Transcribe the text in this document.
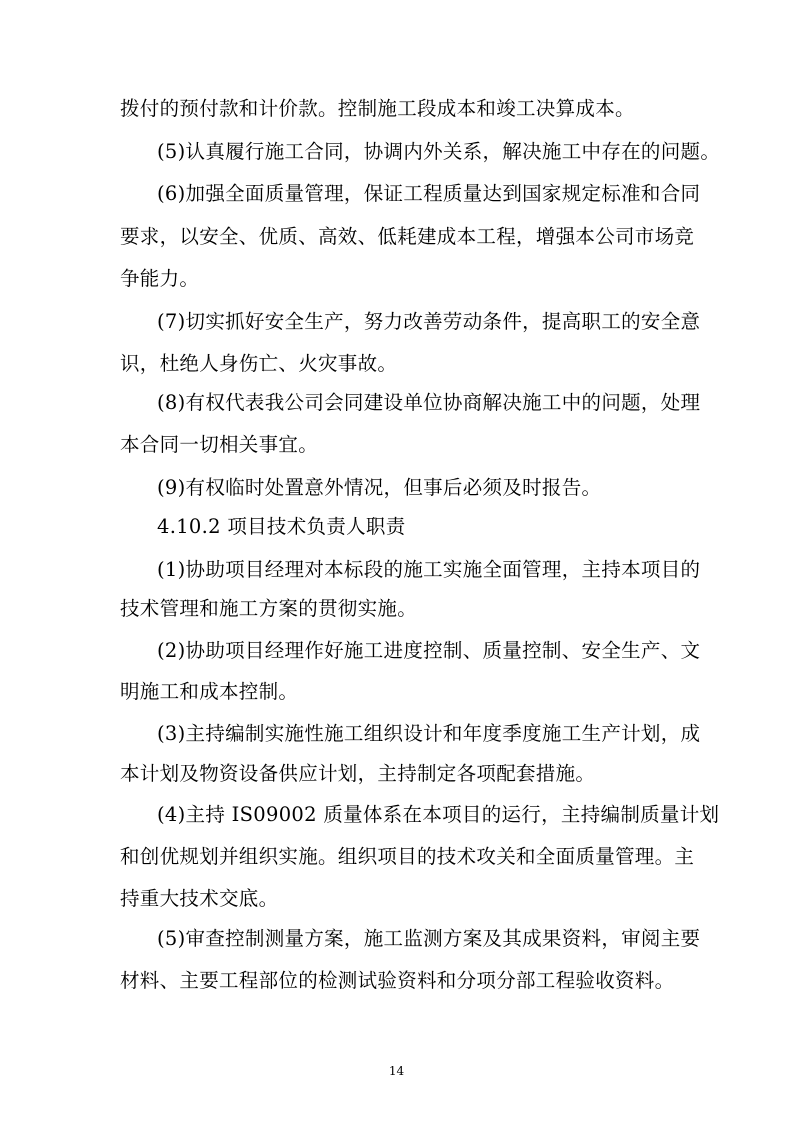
拨付的预付款和计价款。控制施工段成本和竣工决算成本。
(5)认真履行施工合同，协调内外关系，解决施工中存在的问题。
(6)加强全面质量管理，保证工程质量达到国家规定标准和合同
要求，以安全、优质、高效、低耗建成本工程，增强本公司市场竞
争能力。
(7)切实抓好安全生产，努力改善劳动条件，提高职工的安全意
识，杜绝人身伤亡、火灾事故。
(8)有权代表我公司会同建设单位协商解决施工中的问题，处理
本合同一切相关事宜。
(9)有权临时处置意外情况，但事后必须及时报告。
4.10.2 项目技术负责人职责
(1)协助项目经理对本标段的施工实施全面管理，主持本项目的
技术管理和施工方案的贯彻实施。
(2)协助项目经理作好施工进度控制、质量控制、安全生产、文
明施工和成本控制。
(3)主持编制实施性施工组织设计和年度季度施工生产计划，成
本计划及物资设备供应计划，主持制定各项配套措施。
(4)主持 IS09002 质量体系在本项目的运行，主持编制质量计划
和创优规划并组织实施。组织项目的技术攻关和全面质量管理。主
持重大技术交底。
(5)审查控制测量方案，施工监测方案及其成果资料，审阅主要
材料、主要工程部位的检测试验资料和分项分部工程验收资料。
14
